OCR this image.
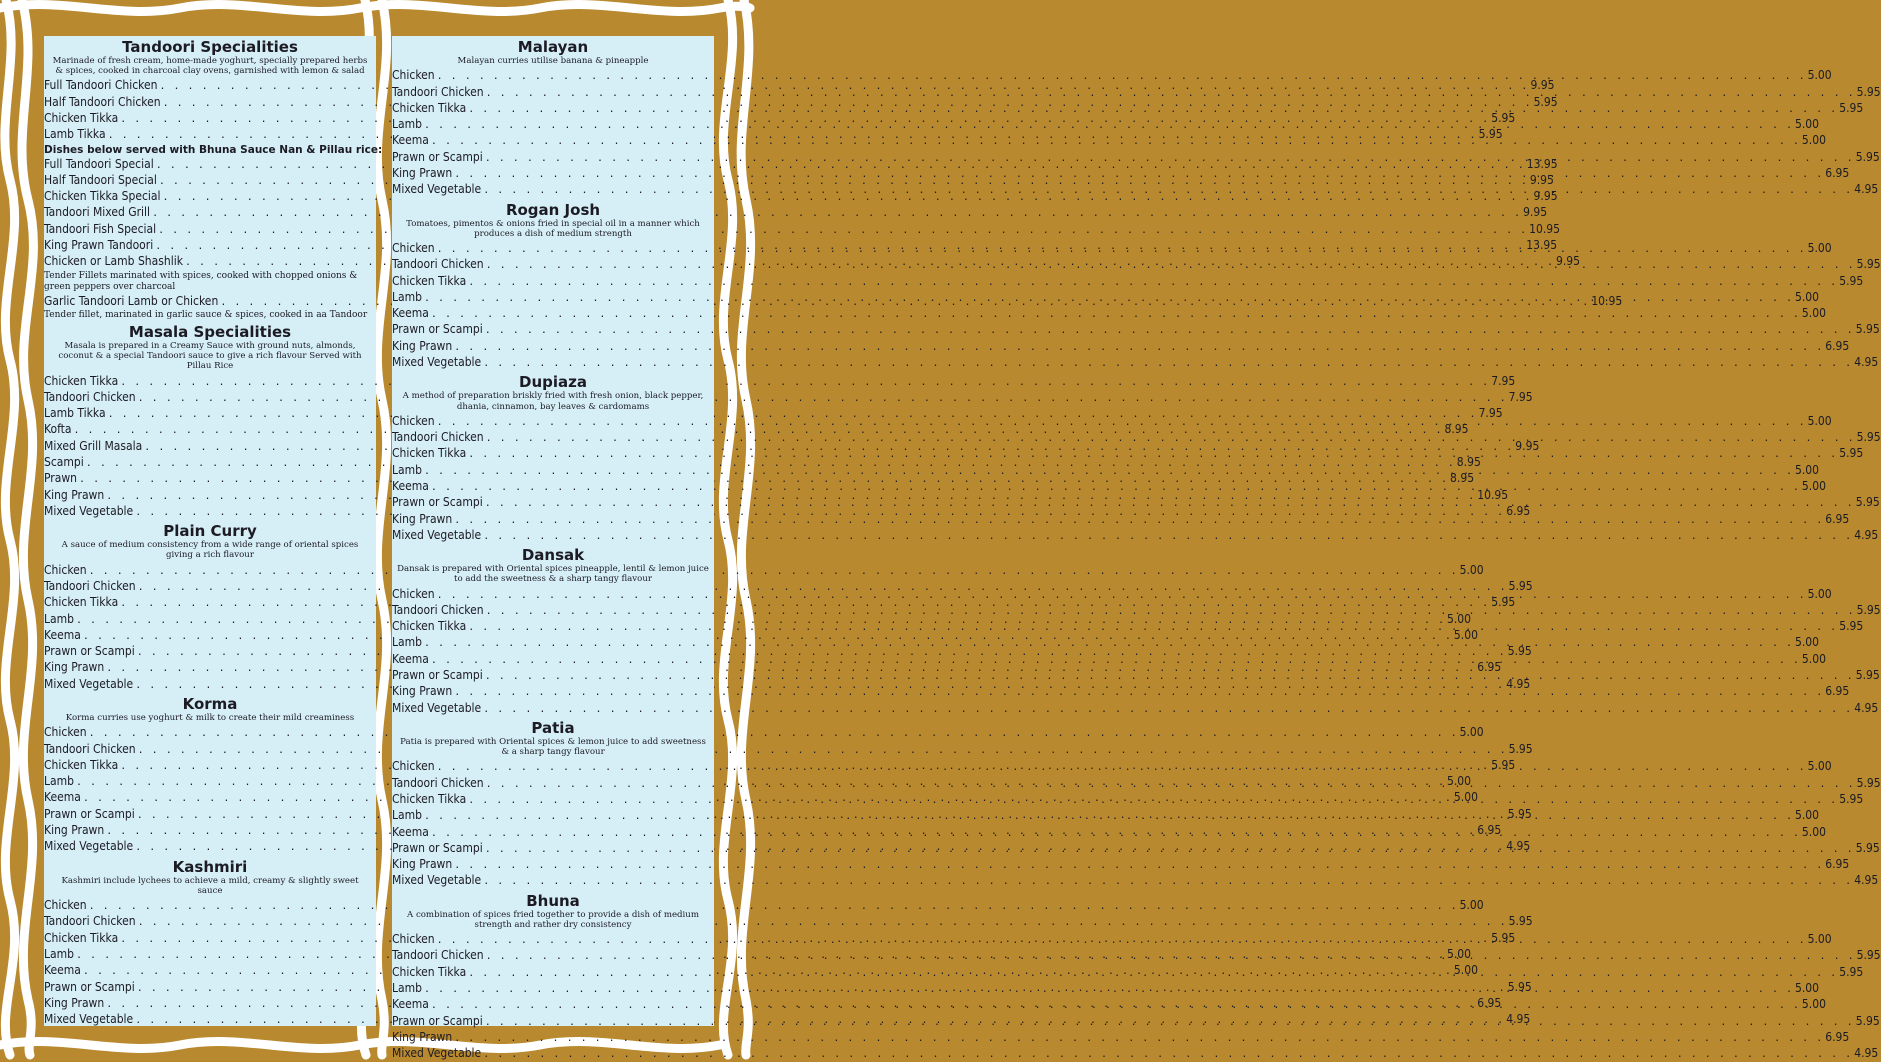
Tandoori Specialities
Marinade of fresh cream, home-made yoghurt, specially prepared herbs & spices, cooked in charcoal clay ovens, garnished with lemon & salad
Full Tandoori Chicken . . .	9.95
Half Tandoori Chicken . . .	5.95
Chicken Tikka . . .	5.95
Lamb Tikka . . .	5.95
Dishes below served with Bhuna Sauce Nan & Pillau rice:
Full Tandoori Special . . .	13.95
Half Tandoori Special . . .	9.95
Chicken Tikka Special . . .	9.95
Tandoori Mixed Grill . . .	9.95
Tandoori Fish Special . . .	10.95
King Prawn Tandoori . . .	13.95
Chicken or Lamb Shashlik . . .	9.95
Tender Fillets marinated with spices, cooked with chopped onions & green peppers over charcoal
Garlic Tandoori Lamb or Chicken . . .	10.95
Tender fillet, marinated in garlic sauce & spices, cooked in aa Tandoor
Masala Specialities
Masala is prepared in a Creamy Sauce with ground nuts, almonds, coconut & a special Tandoori sauce to give a rich flavour Served with Pillau Rice
Chicken Tikka . . .	7.95
Tandoori Chicken . . .	7.95
Lamb Tikka . . .	7.95
Kofta . . .	8.95
Mixed Grill Masala . . .	9.95
Scampi . . .	8.95
Prawn . . .	8.95
King Prawn . . .	10.95
Mixed Vegetable . . .	6.95
Plain Curry
A sauce of medium consistency from a wide range of oriental spices giving a rich flavour
Chicken . . .	5.00
Tandoori Chicken . . .	5.95
Chicken Tikka . . .	5.95
Lamb . . .	5.00
Keema . . .	5.00
Prawn or Scampi . . .	5.95
King Prawn . . .	6.95
Mixed Vegetable . . .	4.95
Korma
Korma curries use yoghurt & milk to create their mild creaminess
Chicken . . .	5.00
Tandoori Chicken . . .	5.95
Chicken Tikka . . .	5.95
Lamb . . .	5.00
Keema . . .	5.00
Prawn or Scampi . . .	5.95
King Prawn . . .	6.95
Mixed Vegetable . . .	4.95
Kashmiri
Kashmiri include lychees to achieve a mild, creamy & slightly sweet sauce
Chicken . . .	5.00
Tandoori Chicken . . .	5.95
Chicken Tikka . . .	5.95
Lamb . . .	5.00
Keema . . .	5.00
Prawn or Scampi . . .	5.95
King Prawn . . .	6.95
Mixed Vegetable . . .	4.95
Malayan
Malayan curries utilise banana & pineapple
Chicken . . .	5.00
Tandoori Chicken . . .	5.95
Chicken Tikka . . .	5.95
Lamb . . .	5.00
Keema . . .	5.00
Prawn or Scampi . . .	5.95
King Prawn . . .	6.95
Mixed Vegetable . . .	4.95
Rogan Josh
Tomatoes, pimentos & onions fried in special oil in a manner which produces a dish of medium strength
Chicken . . .	5.00
Tandoori Chicken . . .	5.95
Chicken Tikka . . .	5.95
Lamb . . .	5.00
Keema . . .	5.00
Prawn or Scampi . . .	5.95
King Prawn . . .	6.95
Mixed Vegetable . . .	4.95
Dupiaza
A method of preparation briskly fried with fresh onion, black pepper, dhania, cinnamon, bay leaves & cardomams
Chicken . . .	5.00
Tandoori Chicken . . .	5.95
Chicken Tikka . . .	5.95
Lamb . . .	5.00
Keema . . .	5.00
Prawn or Scampi . . .	5.95
King Prawn . . .	6.95
Mixed Vegetable . . .	4.95
Dansak
Dansak is prepared with Oriental spices pineapple, lentil & lemon juice to add the sweetness & a sharp tangy flavour
Chicken . . .	5.00
Tandoori Chicken . . .	5.95
Chicken Tikka . . .	5.95
Lamb . . .	5.00
Keema . . .	5.00
Prawn or Scampi . . .	5.95
King Prawn . . .	6.95
Mixed Vegetable . . .	4.95
Patia
Patia is prepared with Oriental spices & lemon juice to add sweetness & a sharp tangy flavour
Chicken . . .	5.00
Tandoori Chicken . . .	5.95
Chicken Tikka . . .	5.95
Lamb . . .	5.00
Keema . . .	5.00
Prawn or Scampi . . .	5.95
King Prawn . . .	6.95
Mixed Vegetable . . .	4.95
Bhuna
A combination of spices fried together to provide a dish of medium strength and rather dry consistency
Chicken . . .	5.00
Tandoori Chicken . . .	5.95
Chicken Tikka . . .	5.95
Lamb . . .	5.00
Keema . . .	5.00
Prawn or Scampi . . .	5.95
King Prawn . . .	6.95
Mixed Vegetable . . .	4.95
